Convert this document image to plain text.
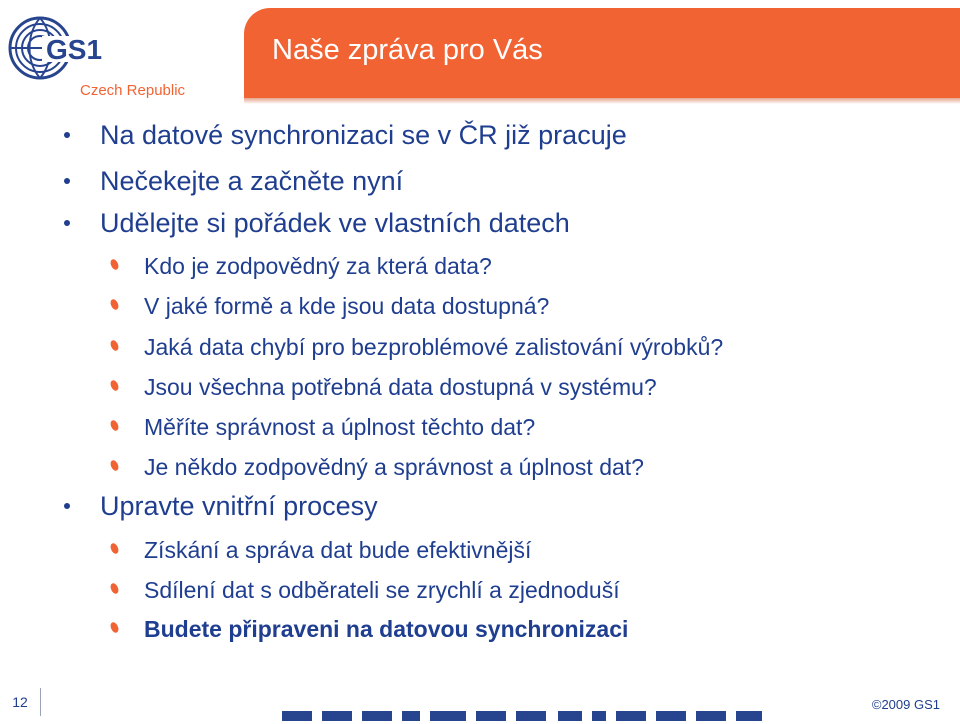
GS1
Czech Republic
Naše zpráva pro Vás
Na datové synchronizaci se v ČR již pracuje
Nečekejte a začněte nyní
Udělejte si pořádek ve vlastních datech
Kdo je zodpovědný za která data?
V jaké formě a kde jsou data dostupná?
Jaká data chybí pro bezproblémové zalistování výrobků?
Jsou všechna potřebná data dostupná v systému?
Měříte správnost a úplnost těchto dat?
Je někdo zodpovědný a správnost a úplnost dat?
Upravte vnitřní procesy
Získání a správa dat bude efektivnější
Sdílení dat s odběrateli se zrychlí a zjednoduší
Budete připraveni na datovou synchronizaci
12	©2009 GS1
